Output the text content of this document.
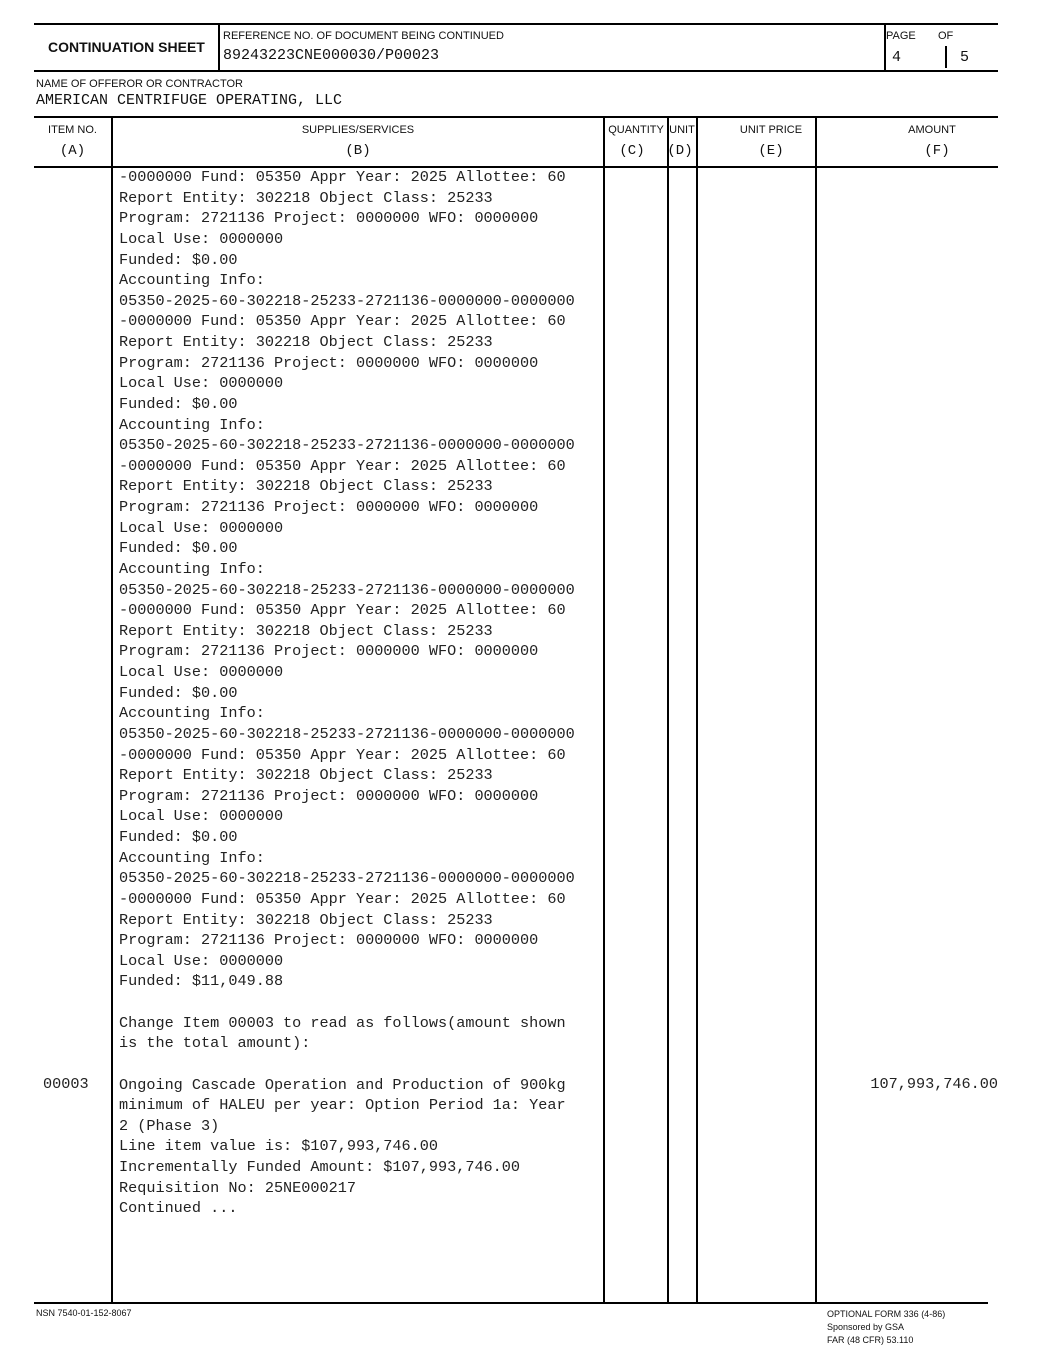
CONTINUATION SHEET
REFERENCE NO. OF DOCUMENT BEING CONTINUED
89243223CNE000030/P00023
PAGE OF
4	5
NAME OF OFFEROR OR CONTRACTOR
AMERICAN CENTRIFUGE OPERATING, LLC
ITEM NO.
(A)
SUPPLIES/SERVICES
(B)
QUANTITY
(C)
UNIT
(D)
UNIT PRICE
(E)
AMOUNT
(F)
00003	107,993,746.00
-0000000 Fund: 05350 Appr Year: 2025 Allottee: 60
Report Entity: 302218 Object Class: 25233
Program: 2721136 Project: 0000000 WFO: 0000000
Local Use: 0000000
Funded: $0.00
Accounting Info:
05350-2025-60-302218-25233-2721136-0000000-0000000
-0000000 Fund: 05350 Appr Year: 2025 Allottee: 60
Report Entity: 302218 Object Class: 25233
Program: 2721136 Project: 0000000 WFO: 0000000
Local Use: 0000000
Funded: $0.00
Accounting Info:
05350-2025-60-302218-25233-2721136-0000000-0000000
-0000000 Fund: 05350 Appr Year: 2025 Allottee: 60
Report Entity: 302218 Object Class: 25233
Program: 2721136 Project: 0000000 WFO: 0000000
Local Use: 0000000
Funded: $0.00
Accounting Info:
05350-2025-60-302218-25233-2721136-0000000-0000000
-0000000 Fund: 05350 Appr Year: 2025 Allottee: 60
Report Entity: 302218 Object Class: 25233
Program: 2721136 Project: 0000000 WFO: 0000000
Local Use: 0000000
Funded: $0.00
Accounting Info:
05350-2025-60-302218-25233-2721136-0000000-0000000
-0000000 Fund: 05350 Appr Year: 2025 Allottee: 60
Report Entity: 302218 Object Class: 25233
Program: 2721136 Project: 0000000 WFO: 0000000
Local Use: 0000000
Funded: $0.00
Accounting Info:
05350-2025-60-302218-25233-2721136-0000000-0000000
-0000000 Fund: 05350 Appr Year: 2025 Allottee: 60
Report Entity: 302218 Object Class: 25233
Program: 2721136 Project: 0000000 WFO: 0000000
Local Use: 0000000
Funded: $11,049.88
Change Item 00003 to read as follows(amount shown
is the total amount):
Ongoing Cascade Operation and Production of 900kg
minimum of HALEU per year: Option Period 1a: Year
2 (Phase 3)
Line item value is: $107,993,746.00
Incrementally Funded Amount: $107,993,746.00
Requisition No: 25NE000217
Continued ...
NSN 7540-01-152-8067	OPTIONAL FORM 336 (4-86)
Sponsored by GSA
FAR (48 CFR) 53.110
